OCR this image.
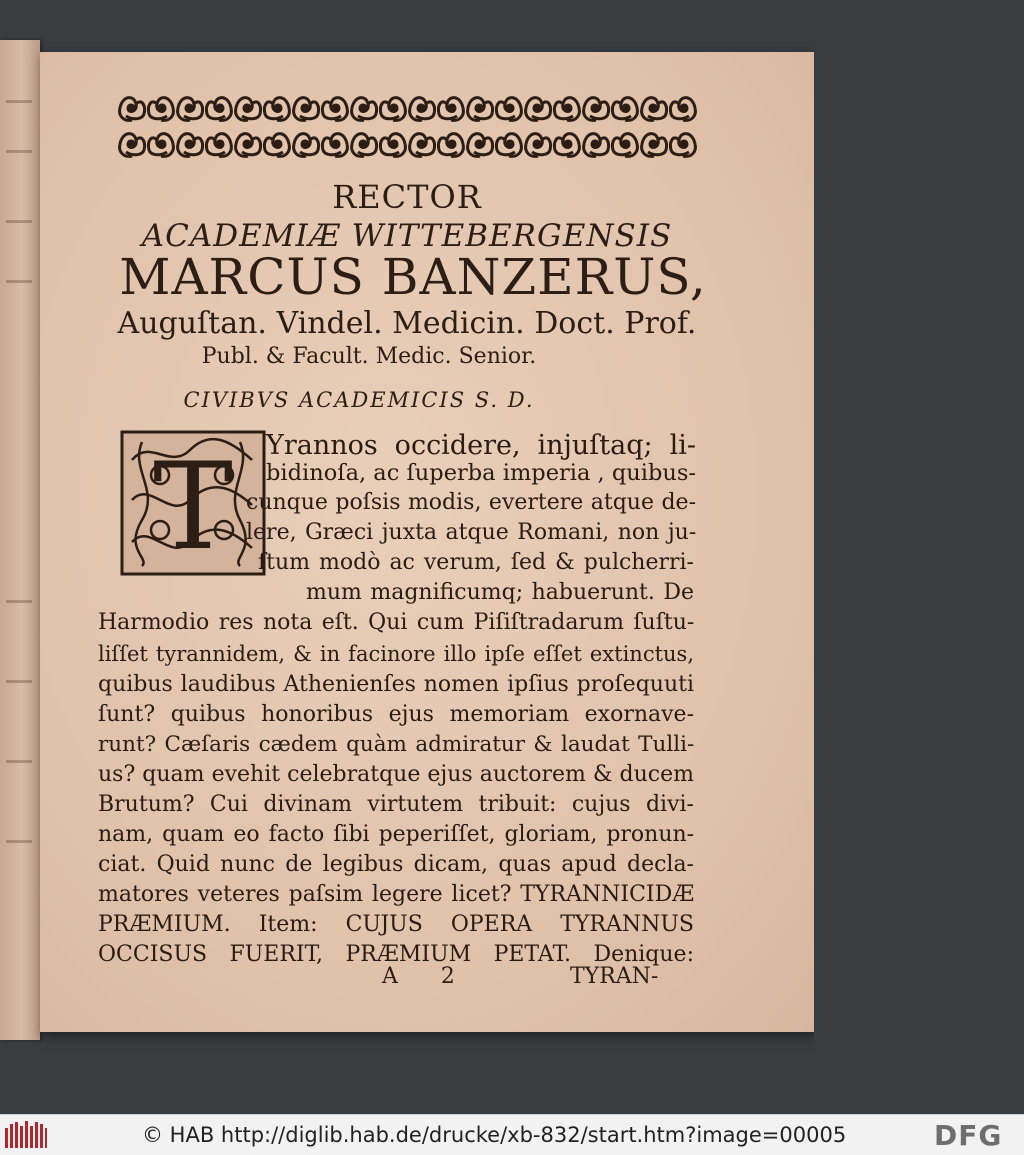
RECTOR
ACADEMIÆ WITTEBERGENSIS
MARCUS BANZERUS,
Auguſtan. Vindel. Medicin. Doct. Prof.
Publ. & Facult. Medic. Senior.
CIVIBVS ACADEMICIS S. D.
T Yrannos occidere, injuſtaq; li-
bidinoſa, ac ſuperba imperia , quibus-
cunque poſsis modis, evertere atque de-
lere, Græci juxta atque Romani, non ju-
ſtum modò ac verum, ſed & pulcherri-
mum magnificumq; habuerunt. De
Harmodio res nota eſt. Qui cum Piſiſtradarum ſuſtu-
liſſet tyrannidem, & in facinore illo ipſe eſſet extinctus,
quibus laudibus Athenienſes nomen ipſius proſequuti
ſunt? quibus honoribus ejus memoriam exornave-
runt? Cæſaris cædem quàm admiratur & laudat Tulli-
us? quam evehit celebratque ejus auctorem & ducem
Brutum? Cui divinam virtutem tribuit: cujus divi-
nam, quam eo facto ſibi peperiſſet, gloriam, pronun-
ciat. Quid nunc de legibus dicam, quas apud decla-
matores veteres paſsim legere licet? TYRANNICIDÆ
PRÆMIUM. Item: CUJUS OPERA TYRANNUS
OCCISUS FUERIT, PRÆMIUM PETAT. Denique:
A 2	TYRAN-
© HAB http://diglib.hab.de/drucke/xb-832/start.htm?image=00005	DFG
